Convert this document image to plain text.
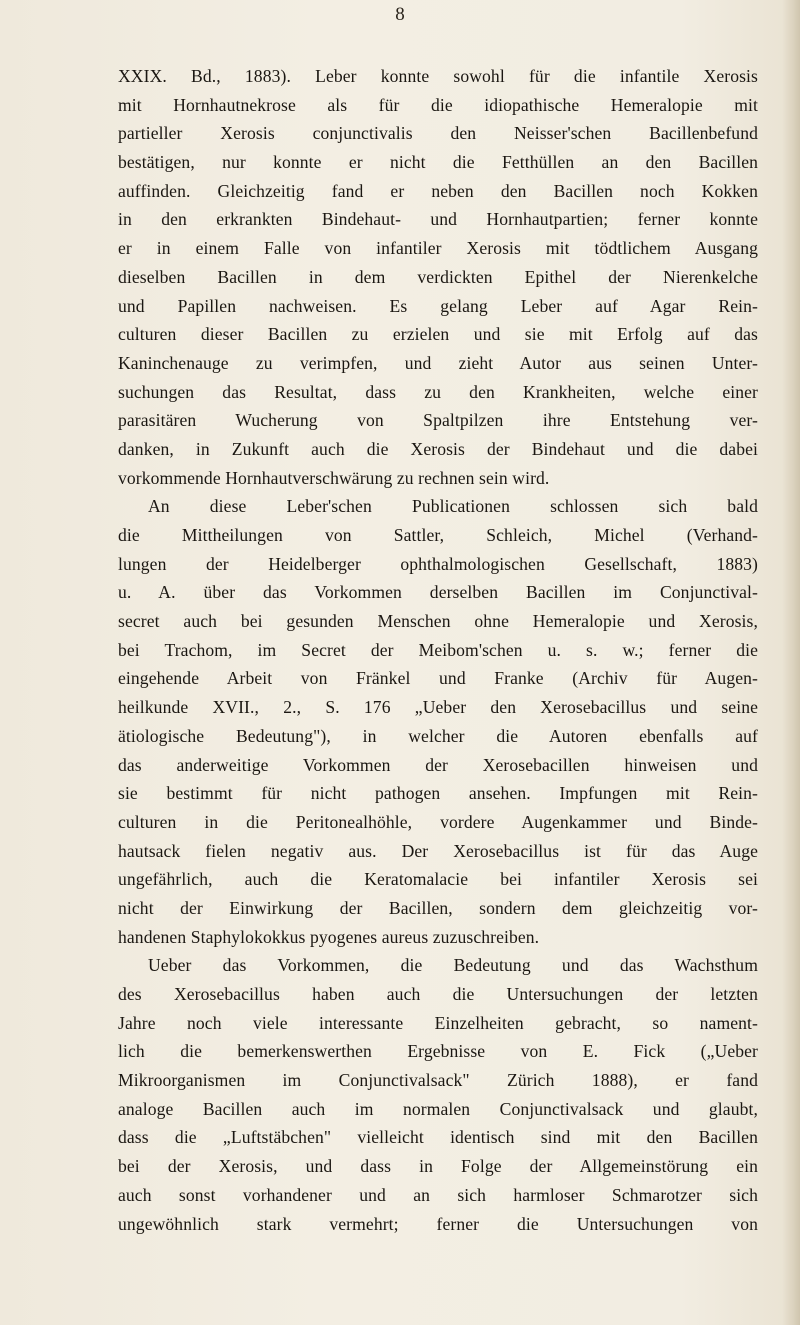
8
XXIX. Bd., 1883). Leber konnte sowohl für die infantile Xerosis
mit Hornhautnekrose als für die idiopathische Hemeralopie mit
partieller Xerosis conjunctivalis den Neisser'schen Bacillenbefund
bestätigen, nur konnte er nicht die Fetthüllen an den Bacillen
auffinden. Gleichzeitig fand er neben den Bacillen noch Kokken
in den erkrankten Bindehaut- und Hornhautpartien; ferner konnte
er in einem Falle von infantiler Xerosis mit tödtlichem Ausgang
dieselben Bacillen in dem verdickten Epithel der Nierenkelche
und Papillen nachweisen. Es gelang Leber auf Agar Rein-
culturen dieser Bacillen zu erzielen und sie mit Erfolg auf das
Kaninchenauge zu verimpfen, und zieht Autor aus seinen Unter-
suchungen das Resultat, dass zu den Krankheiten, welche einer
parasitären Wucherung von Spaltpilzen ihre Entstehung ver-
danken, in Zukunft auch die Xerosis der Bindehaut und die dabei
vorkommende Hornhautverschwärung zu rechnen sein wird.
An diese Leber'schen Publicationen schlossen sich bald
die Mittheilungen von Sattler, Schleich, Michel (Verhand-
lungen der Heidelberger ophthalmologischen Gesellschaft, 1883)
u. A. über das Vorkommen derselben Bacillen im Conjunctival-
secret auch bei gesunden Menschen ohne Hemeralopie und Xerosis,
bei Trachom, im Secret der Meibom'schen u. s. w.; ferner die
eingehende Arbeit von Fränkel und Franke (Archiv für Augen-
heilkunde XVII., 2., S. 176 „Ueber den Xerosebacillus und seine
ätiologische Bedeutung"), in welcher die Autoren ebenfalls auf
das anderweitige Vorkommen der Xerosebacillen hinweisen und
sie bestimmt für nicht pathogen ansehen. Impfungen mit Rein-
culturen in die Peritonealhöhle, vordere Augenkammer und Binde-
hautsack fielen negativ aus. Der Xerosebacillus ist für das Auge
ungefährlich, auch die Keratomalacie bei infantiler Xerosis sei
nicht der Einwirkung der Bacillen, sondern dem gleichzeitig vor-
handenen Staphylokokkus pyogenes aureus zuzuschreiben.
Ueber das Vorkommen, die Bedeutung und das Wachsthum
des Xerosebacillus haben auch die Untersuchungen der letzten
Jahre noch viele interessante Einzelheiten gebracht, so nament-
lich die bemerkenswerthen Ergebnisse von E. Fick („Ueber
Mikroorganismen im Conjunctivalsack" Zürich 1888), er fand
analoge Bacillen auch im normalen Conjunctivalsack und glaubt,
dass die „Luftstäbchen" vielleicht identisch sind mit den Bacillen
bei der Xerosis, und dass in Folge der Allgemeinstörung ein
auch sonst vorhandener und an sich harmloser Schmarotzer sich
ungewöhnlich stark vermehrt; ferner die Untersuchungen von
